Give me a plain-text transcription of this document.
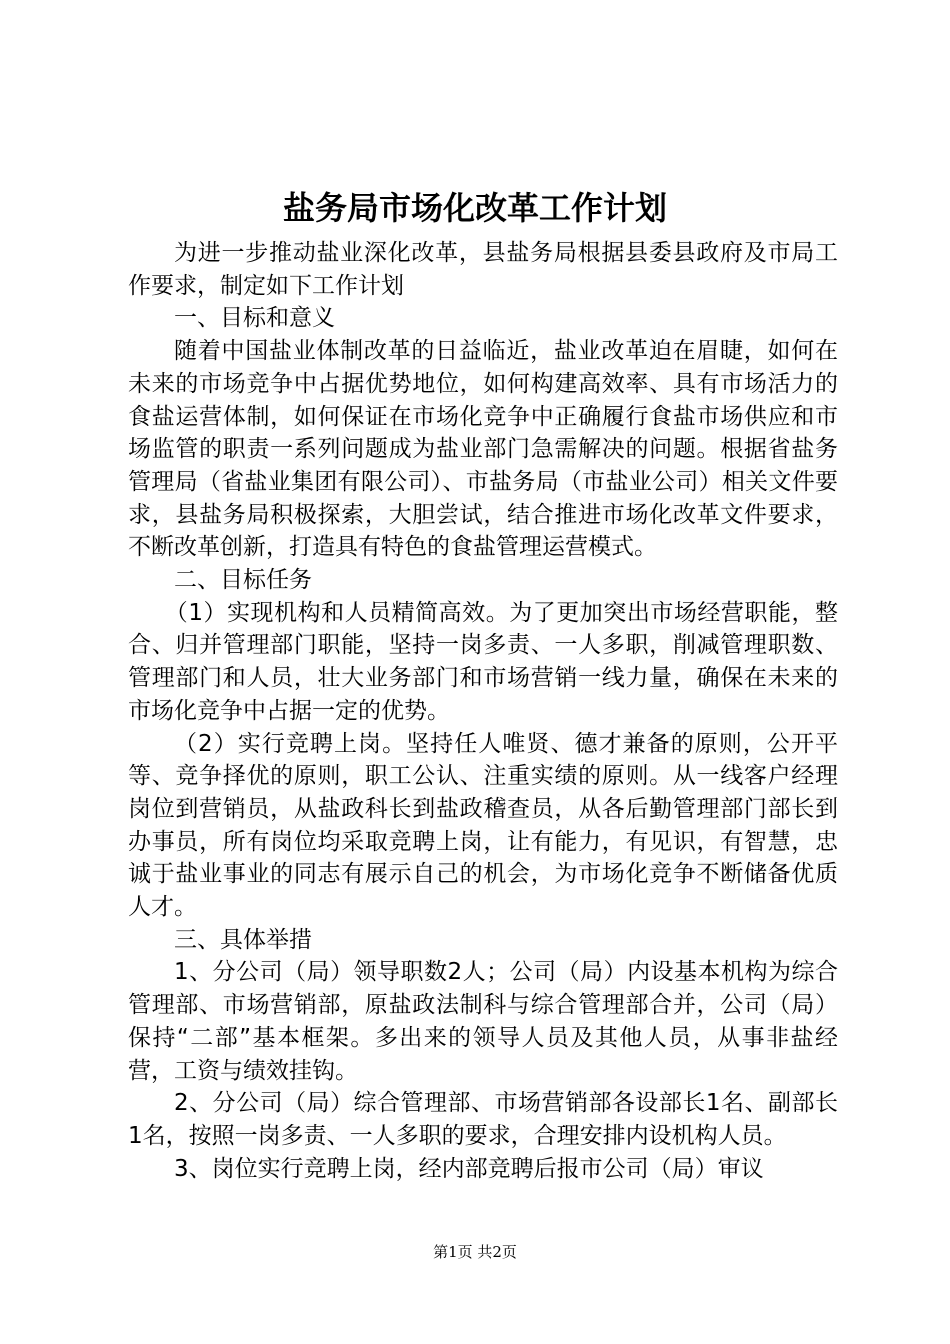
盐务局市场化改革工作计划

为进一步推动盐业深化改革，县盐务局根据县委县政府及市局工作要求，制定如下工作计划

一、目标和意义

随着中国盐业体制改革的日益临近，盐业改革迫在眉睫，如何在未来的市场竞争中占据优势地位，如何构建高效率、具有市场活力的食盐运营体制，如何保证在市场化竞争中正确履行食盐市场供应和市场监管的职责一系列问题成为盐业部门急需解决的问题。根据省盐务管理局（省盐业集团有限公司）、市盐务局（市盐业公司）相关文件要求，县盐务局积极探索，大胆尝试，结合推进市场化改革文件要求，不断改革创新，打造具有特色的食盐管理运营模式。

二、目标任务

（1）实现机构和人员精简高效。为了更加突出市场经营职能，整合、归并管理部门职能，坚持一岗多责、一人多职，削减管理职数、管理部门和人员，壮大业务部门和市场营销一线力量，确保在未来的市场化竞争中占据一定的优势。

（2）实行竞聘上岗。坚持任人唯贤、德才兼备的原则，公开平等、竞争择优的原则，职工公认、注重实绩的原则。从一线客户经理岗位到营销员，从盐政科长到盐政稽查员，从各后勤管理部门部长到办事员，所有岗位均采取竞聘上岗，让有能力，有见识，有智慧，忠诚于盐业事业的同志有展示自己的机会，为市场化竞争不断储备优质人才。

三、具体举措

1、分公司（局）领导职数2人；公司（局）内设基本机构为综合管理部、市场营销部，原盐政法制科与综合管理部合并，公司（局）保持“二部”基本框架。多出来的领导人员及其他人员，从事非盐经营，工资与绩效挂钩。

2、分公司（局）综合管理部、市场营销部各设部长1名、副部长1名，按照一岗多责、一人多职的要求，合理安排内设机构人员。

3、岗位实行竞聘上岗，经内部竞聘后报市公司（局）审议

第1页 共2页
